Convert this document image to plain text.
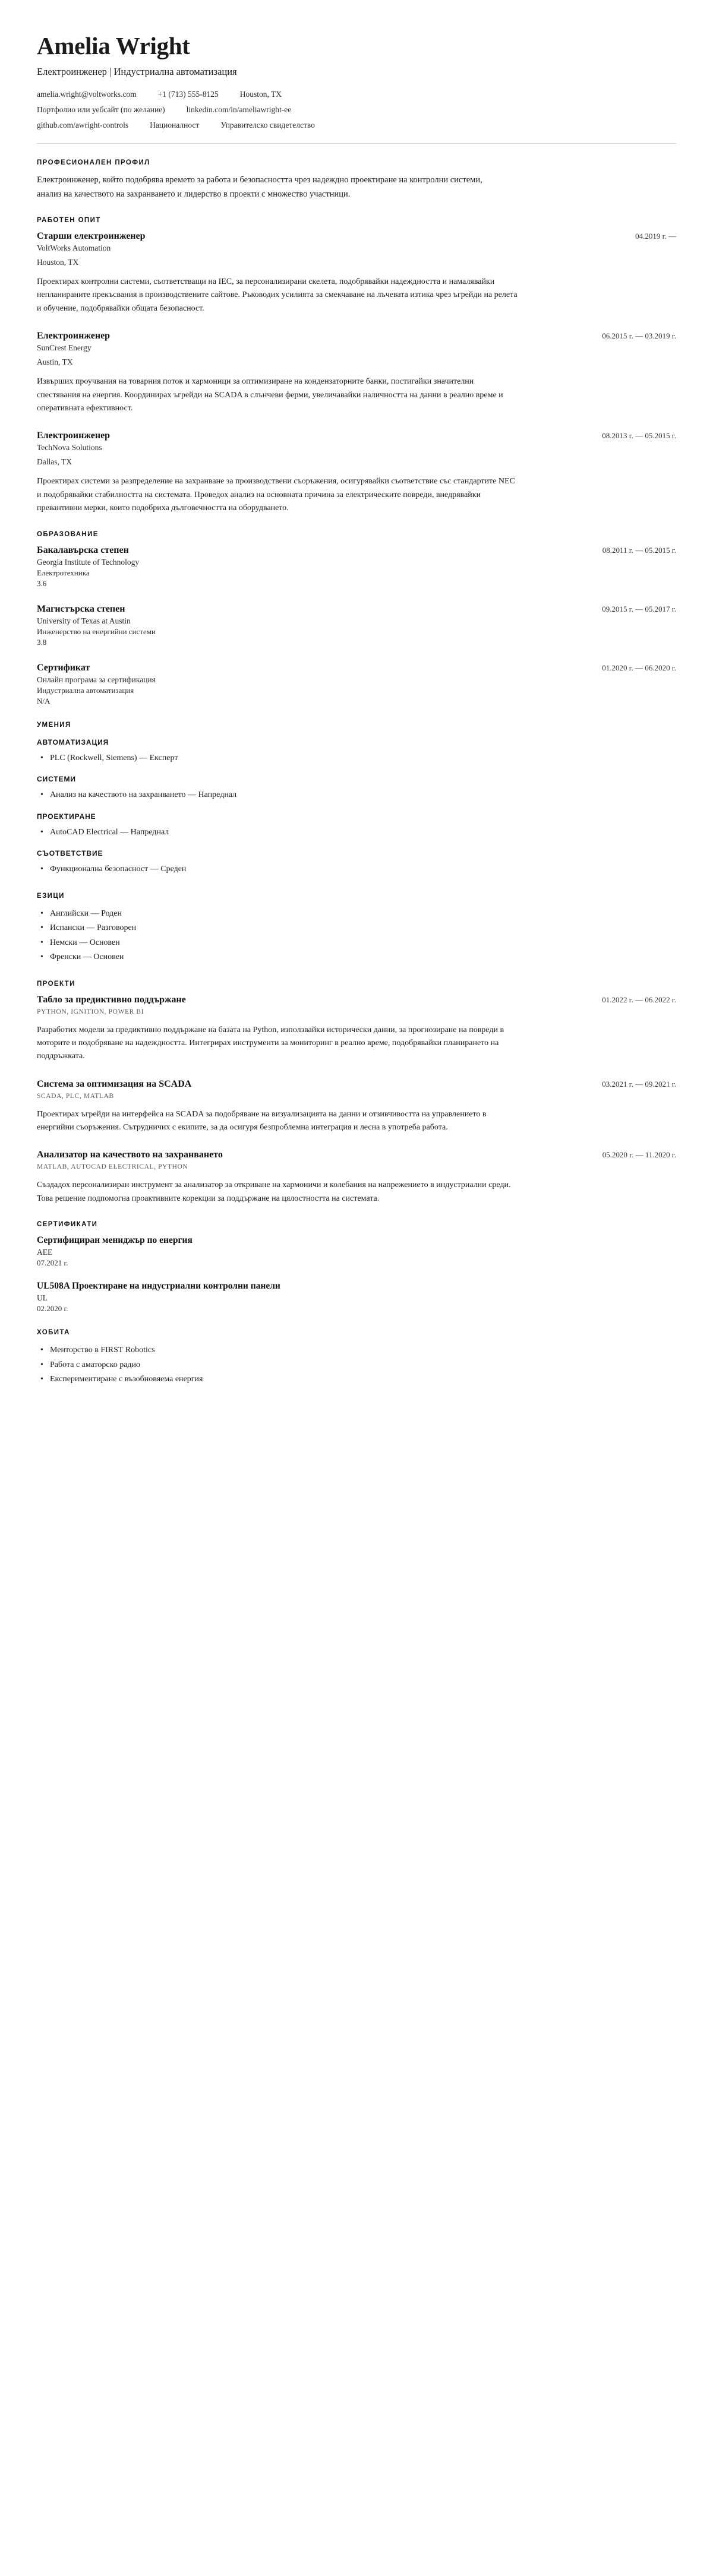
Amelia Wright
Електроинженер | Индустриална автоматизация
amelia.wright@voltworks.com	+1 (713) 555-8125	Houston, TX
Портфолио или уебсайт (по желание)	linkedin.com/in/ameliawright-ee
github.com/awright-controls	Националност	Управителско свидетелство
ПРОФЕСИОНАЛЕН ПРОФИЛ

Електроинженер, който подобрява времето за работа и безопасността чрез надеждно проектиране на контролни системи, анализ на качеството на захранването и лидерство в проекти с множество участници.

РАБОТЕН ОПИТ
Старши електроинженер	04.2019 г. —
VoltWorks Automation
Houston, TX
Проектирах контролни системи, съответстващи на IEC, за персонализирани скелета, подобрявайки надеждността и намалявайки непланираните прекъсвания в производствените сайтове. Ръководих усилията за смекчаване на лъчевата изтика чрез ъгрейди на релета и обучение, подобрявайки общата безопасност.
Електроинженер	06.2015 г. — 03.2019 г.
SunCrest Energy
Austin, TX
Извърших проучвания на товарния поток и хармоници за оптимизиране на кондензаторните банки, постигайки значителни спестявания на енергия. Координирах ъгрейди на SCADA в слънчеви ферми, увеличавайки наличността на данни в реално време и оперативната ефективност.
Електроинженер	08.2013 г. — 05.2015 г.
TechNova Solutions
Dallas, TX
Проектирах системи за разпределение на захранване за производствени съоръжения, осигурявайки съответствие със стандартите NEC и подобрявайки стабилността на системата. Проведох анализ на основната причина за електрическите повреди, внедрявайки превантивни мерки, които подобриха дълговечността на оборудването.
ОБРАЗОВАНИЕ
Бакалавърска степен	08.2011 г. — 05.2015 г.
Georgia Institute of Technology
Електротехника
3.6
Магистърска степен	09.2015 г. — 05.2017 г.
University of Texas at Austin
Инженерство на енергийни системи
3.8
Сертификат	01.2020 г. — 06.2020 г.
Онлайн програма за сертификация
Индустриална автоматизация
N/A
УМЕНИЯ
АВТОМАТИЗАЦИЯ
• PLC (Rockwell, Siemens) — Експерт
СИСТЕМИ
• Анализ на качеството на захранването — Напреднал
ПРОЕКТИРАНЕ
• AutoCAD Electrical — Напреднал
СЪОТВЕТСТВИЕ
• Функционална безопасност — Среден
ЕЗИЦИ
• Английски — Роден
• Испански — Разговорен
• Немски — Основен
• Френски — Основен
ПРОЕКТИ
Табло за предиктивно поддържане	01.2022 г. — 06.2022 г.
PYTHON, IGNITION, POWER BI
Разработих модели за предиктивно поддържане на базата на Python, използвайки исторически данни, за прогнозиране на повреди в моторите и подобряване на надеждността. Интегрирах инструменти за мониторинг в реално време, подобрявайки планирането на поддръжката.
Система за оптимизация на SCADA	03.2021 г. — 09.2021 г.
SCADA, PLC, MATLAB
Проектирах ъгрейди на интерфейса на SCADA за подобряване на визуализацията на данни и отзивчивостта на управлението в енергийни съоръжения. Сътрудничих с екипите, за да осигуря безпроблемна интеграция и лесна в употреба работа.
Анализатор на качеството на захранването	05.2020 г. — 11.2020 г.
MATLAB, AUTOCAD ELECTRICAL, PYTHON
Създадох персонализиран инструмент за анализатор за откриване на хармоничи и колебания на напрежението в индустриални среди. Това решение подпомогна проактивните корекции за поддържане на цялостността на системата.
СЕРТИФИКАТИ
Сертифициран мениджър по енергия
AEE
07.2021 г.
UL508A Проектиране на индустриални контролни панели
UL
02.2020 г.
ХОБИТА
• Менторство в FIRST Robotics
• Работа с аматорско радио
• Експериментиране с възобновяема енергия
